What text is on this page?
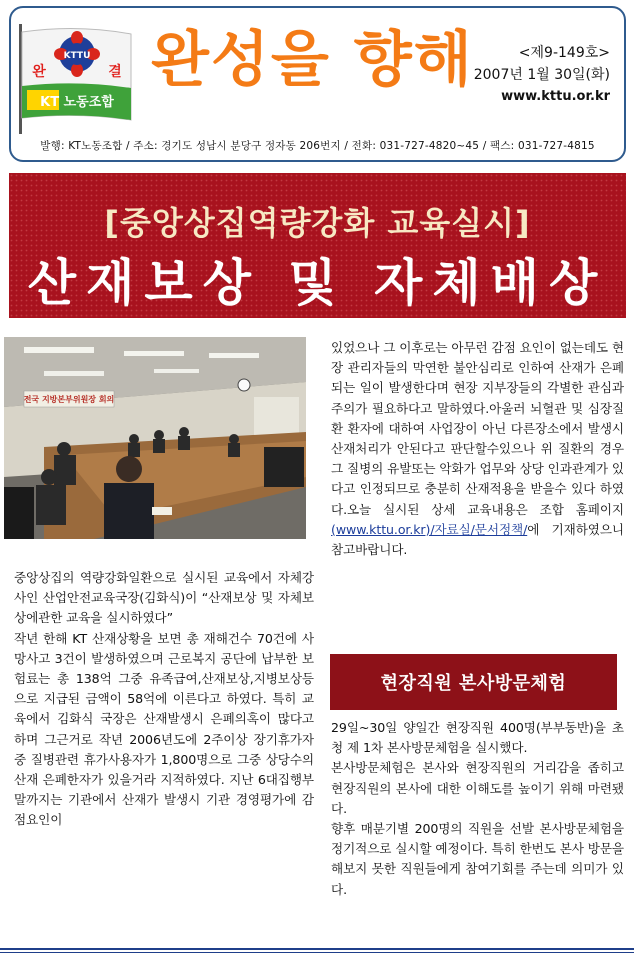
KTTU
완	결
KT 노동조합
완성을 향해	<제9-149호>
2007년 1월 30일(화)
www.kttu.or.kr
발행: KT노동조합 / 주소: 경기도 성남시 분당구 정자동 206번지 / 전화: 031-727-4820~45 / 팩스: 031-727-4815
[중앙상집역량강화 교육실시]
산재보상 및 자체배상
전국 지방본부위원장 회의

중앙상집의 역량강화일환으로 실시된 교육에서 자체강사인 산업안전교육국장(김화식)이 “산재보상 및 자체보상에관한 교육을 실시하였다”

작년 한해 KT 산재상황을 보면 총 재해건수 70건에 사망사고 3건이 발생하였으며 근로복지 공단에 납부한 보험료는 총 138억 그중 유족급여,산재보상,지병보상등으로 지급된 금액이 58억에 이른다고 하였다. 특히 교육에서 김화식 국장은 산재발생시 은폐의혹이 많다고 하며 그근거로 작년 2006년도에 2주이상 장기휴가자중 질병관련 휴가사용자가 1,800명으로 그중 상당수의 산재 은폐한자가 있을거라 지적하였다. 지난 6대집행부 말까지는 기관에서 산재가 발생시 기관 경영평가에 감점요인이

있었으나 그 이후로는 아무런 감점 요인이 없는데도 현장 관리자들의 막연한 불안심리로 인하여 산재가 은폐되는 일이 발생한다며 현장 지부장들의 각별한 관심과 주의가 필요하다고 말하였다.아울러 뇌혈관 및 심장질환 환자에 대하여 사업장이 아닌 다른장소에서 발생시 산재처리가 안된다고 판단할수있으나 위 질환의 경우 그 질병의 유발또는 악화가 업무와 상당 인과관계가 있다고 인정되므로 충분히 산재적용을 받을수 있다 하였다.오늘 실시된 상세 교육내용은 조합 홈페이지 (www.kttu.or.kr)/자료실/문서정책/에 기재하였으니 참고바랍니다.

현장직원 본사방문체험

29일~30일 양일간 현장직원 400명(부부동반)을 초청 제 1차 본사방문체험을 실시했다.

본사방문체험은 본사와 현장직원의 거리감을 좁히고 현장직원의 본사에 대한 이해도를 높이기 위해 마련됐다.

향후 매분기별 200명의 직원을 선발 본사방문체험을 정기적으로 실시할 예정이다. 특히 한번도 본사 방문을 해보지 못한 직원들에게 참여기회를 주는데 의미가 있다.
